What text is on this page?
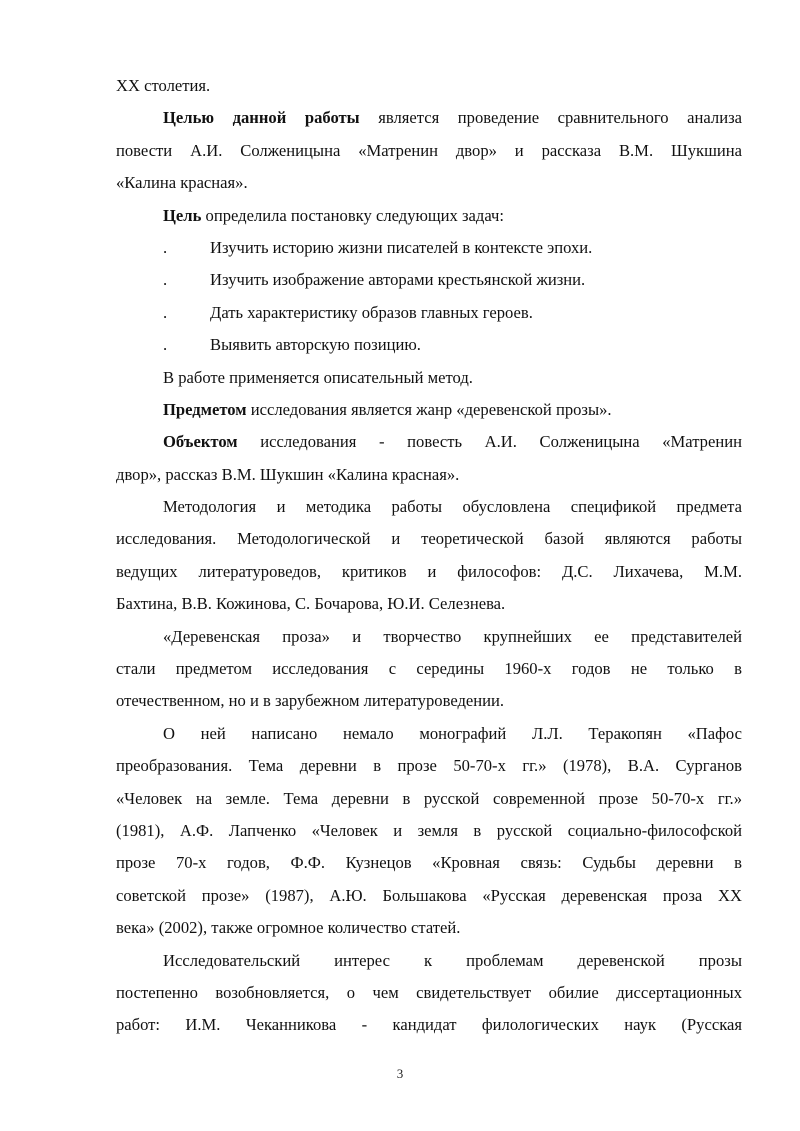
ХХ столетия.
Целью данной работы является проведение сравнительного анализа
повести А.И. Солженицына «Матренин двор» и рассказа В.М. Шукшина
«Калина красная».
Цель определила постановку следующих задач:
.	Изучить историю жизни писателей в контексте эпохи.
.	Изучить изображение авторами крестьянской жизни.
.	Дать характеристику образов главных героев.
.	Выявить авторскую позицию.
В работе применяется описательный метод.
Предметом исследования является жанр «деревенской прозы».
Объектом исследования - повесть А.И. Солженицына «Матренин
двор», рассказ В.М. Шукшин «Калина красная».
Методология и методика работы обусловлена спецификой предмета
исследования. Методологической и теоретической базой являются работы
ведущих литературоведов, критиков и философов: Д.С. Лихачева, М.М.
Бахтина, В.В. Кожинова, С. Бочарова, Ю.И. Селезнева.
«Деревенская проза» и творчество крупнейших ее представителей
стали предметом исследования с середины 1960-х годов не только в
отечественном, но и в зарубежном литературоведении.
О ней написано немало монографий Л.Л. Теракопян «Пафос
преобразования. Тема деревни в прозе 50-70-х гг.» (1978), В.А. Сурганов
«Человек на земле. Тема деревни в русской современной прозе 50-70-х гг.»
(1981), А.Ф. Лапченко «Человек и земля в русской социально-философской
прозе 70-х годов, Ф.Ф. Кузнецов «Кровная связь: Судьбы деревни в
советской прозе» (1987), А.Ю. Большакова «Русская деревенская проза ХХ
века» (2002), также огромное количество статей.
Исследовательский интерес к проблемам деревенской прозы
постепенно возобновляется, о чем свидетельствует обилие диссертационных
работ: И.М. Чеканникова - кандидат филологических наук (Русская
3
